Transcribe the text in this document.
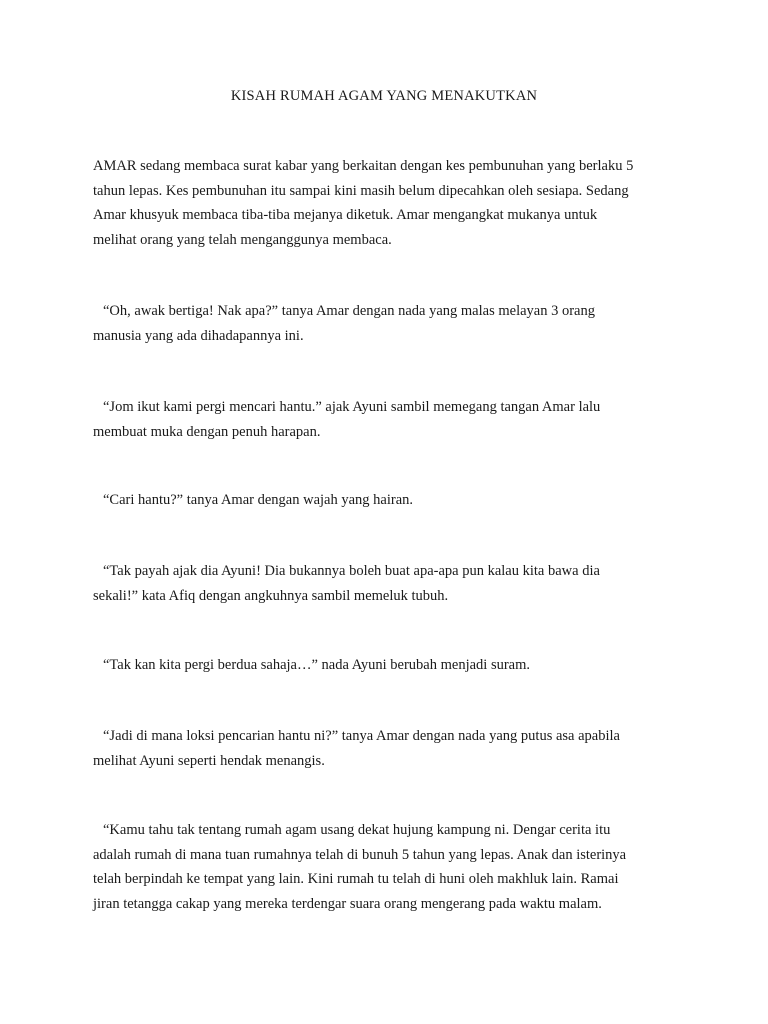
KISAH RUMAH AGAM YANG MENAKUTKAN

AMAR sedang membaca surat kabar yang berkaitan dengan kes pembunuhan yang berlaku 5
tahun lepas. Kes pembunuhan itu sampai kini masih belum dipecahkan oleh sesiapa. Sedang
Amar khusyuk membaca tiba-tiba mejanya diketuk. Amar mengangkat mukanya untuk
melihat orang yang telah menganggunya membaca.

“Oh, awak bertiga! Nak apa?” tanya Amar dengan nada yang malas melayan 3 orang
manusia yang ada dihadapannya ini.

“Jom ikut kami pergi mencari hantu.” ajak Ayuni sambil memegang tangan Amar lalu
membuat muka dengan penuh harapan.

“Cari hantu?” tanya Amar dengan wajah yang hairan.

“Tak payah ajak dia Ayuni! Dia bukannya boleh buat apa-apa pun kalau kita bawa dia
sekali!” kata Afiq dengan angkuhnya sambil memeluk tubuh.

“Tak kan kita pergi berdua sahaja…” nada Ayuni berubah menjadi suram.

“Jadi di mana loksi pencarian hantu ni?” tanya Amar dengan nada yang putus asa apabila
melihat Ayuni seperti hendak menangis.

“Kamu tahu tak tentang rumah agam usang dekat hujung kampung ni. Dengar cerita itu
adalah rumah di mana tuan rumahnya telah di bunuh 5 tahun yang lepas. Anak dan isterinya
telah berpindah ke tempat yang lain. Kini rumah tu telah di huni oleh makhluk lain. Ramai
jiran tetangga cakap yang mereka terdengar suara orang mengerang pada waktu malam.
